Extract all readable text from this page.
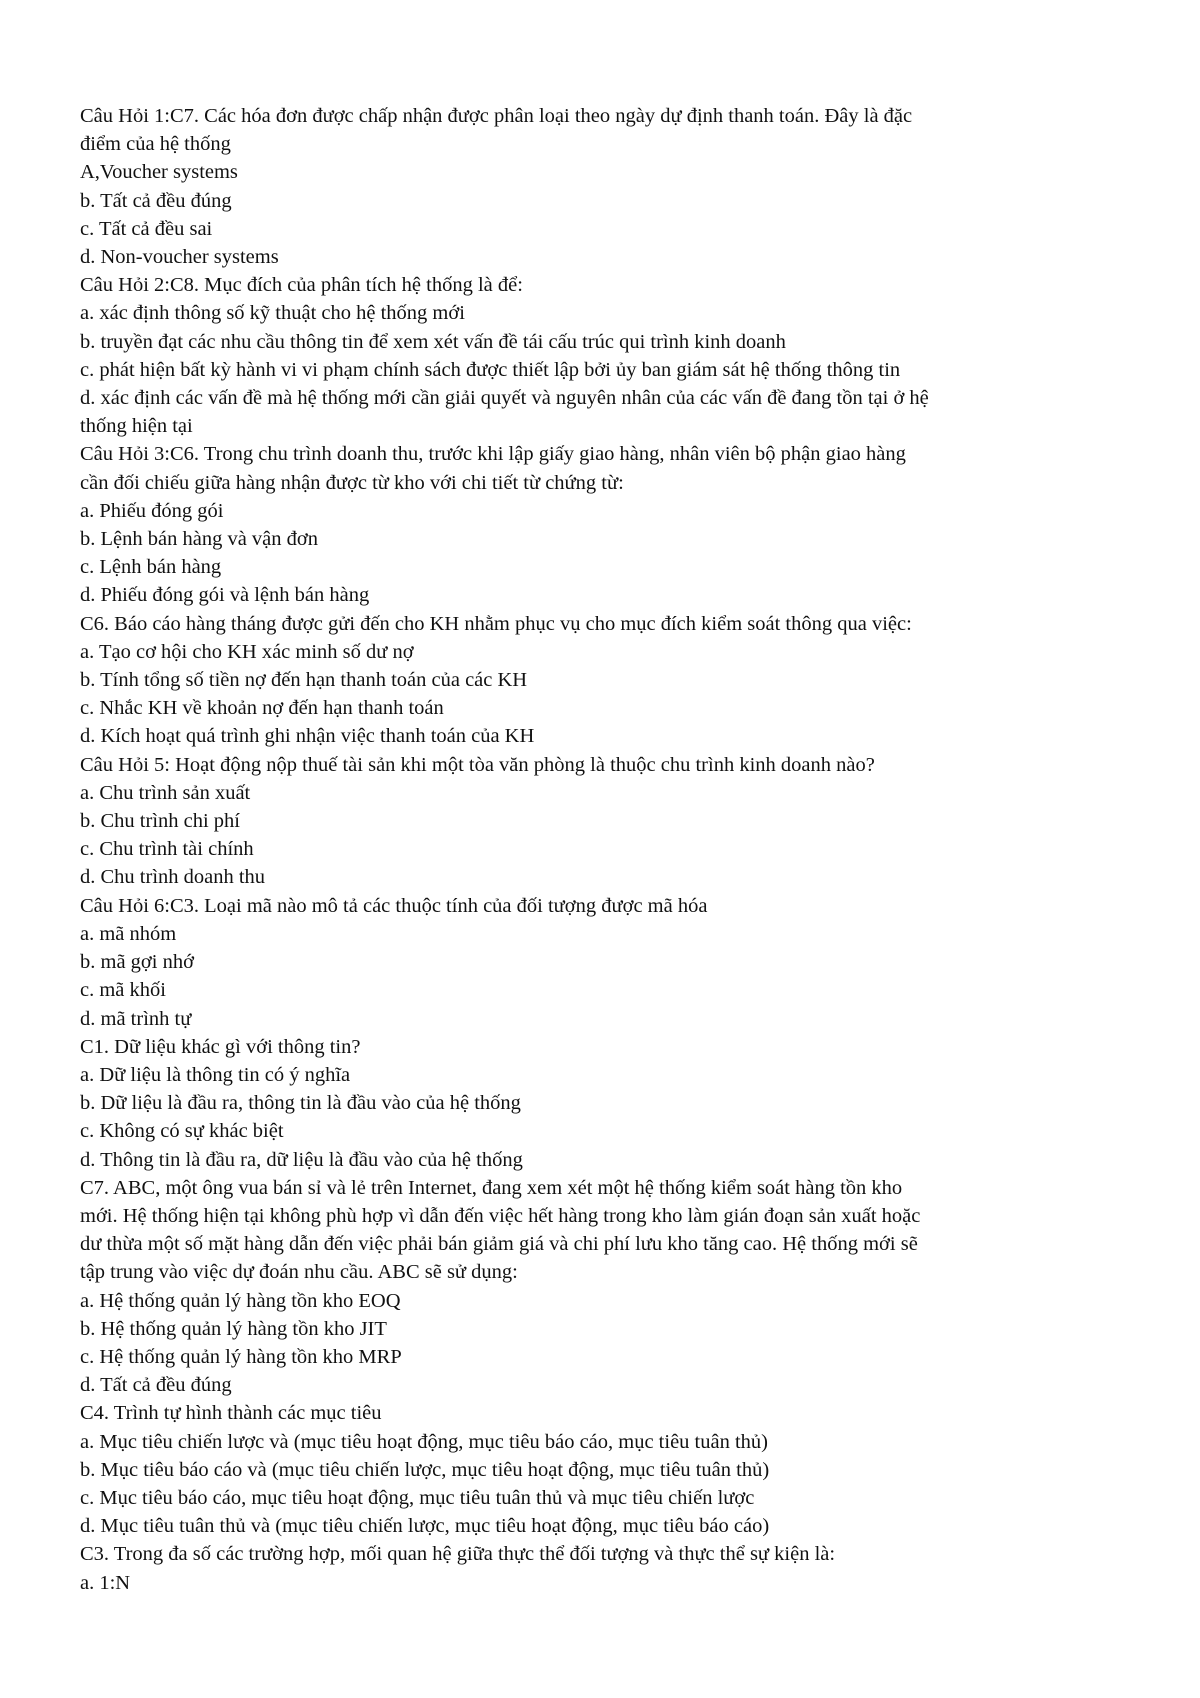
Câu Hỏi 1:C7. Các hóa đơn được chấp nhận được phân loại theo ngày dự định thanh toán. Đây là đặc
điểm của hệ thống
A,Voucher systems
b. Tất cả đều đúng
c. Tất cả đều sai
d. Non-voucher systems
Câu Hỏi 2:C8. Mục đích của phân tích hệ thống là để:
a. xác định thông số kỹ thuật cho hệ thống mới
b. truyền đạt các nhu cầu thông tin để xem xét vấn đề tái cấu trúc qui trình kinh doanh
c. phát hiện bất kỳ hành vi vi phạm chính sách được thiết lập bởi ủy ban giám sát hệ thống thông tin
d. xác định các vấn đề mà hệ thống mới cần giải quyết và nguyên nhân của các vấn đề đang tồn tại ở hệ
thống hiện tại
Câu Hỏi 3:C6. Trong chu trình doanh thu, trước khi lập giấy giao hàng, nhân viên bộ phận giao hàng
cần đối chiếu giữa hàng nhận được từ kho với chi tiết từ chứng từ:
a. Phiếu đóng gói
b. Lệnh bán hàng và vận đơn
c. Lệnh bán hàng
d. Phiếu đóng gói và lệnh bán hàng
C6. Báo cáo hàng tháng được gửi đến cho KH nhằm phục vụ cho mục đích kiểm soát thông qua việc:
a. Tạo cơ hội cho KH xác minh số dư nợ
b. Tính tổng số tiền nợ đến hạn thanh toán của các KH
c. Nhắc KH về khoản nợ đến hạn thanh toán
d. Kích hoạt quá trình ghi nhận việc thanh toán của KH
Câu Hỏi 5: Hoạt động nộp thuế tài sản khi một tòa văn phòng là thuộc chu trình kinh doanh nào?
a. Chu trình sản xuất
b. Chu trình chi phí
c. Chu trình tài chính
d. Chu trình doanh thu
Câu Hỏi 6:C3. Loại mã nào mô tả các thuộc tính của đối tượng được mã hóa
a. mã nhóm
b. mã gợi nhớ
c. mã khối
d. mã trình tự
C1. Dữ liệu khác gì với thông tin?
a. Dữ liệu là thông tin có ý nghĩa
b. Dữ liệu là đầu ra, thông tin là đầu vào của hệ thống
c. Không có sự khác biệt
d. Thông tin là đầu ra, dữ liệu là đầu vào của hệ thống
C7. ABC, một ông vua bán sỉ và lẻ trên Internet, đang xem xét một hệ thống kiểm soát hàng tồn kho
mới. Hệ thống hiện tại không phù hợp vì dẫn đến việc hết hàng trong kho làm gián đoạn sản xuất hoặc
dư thừa một số mặt hàng dẫn đến việc phải bán giảm giá và chi phí lưu kho tăng cao. Hệ thống mới sẽ
tập trung vào việc dự đoán nhu cầu. ABC sẽ sử dụng:
a. Hệ thống quản lý hàng tồn kho EOQ
b. Hệ thống quản lý hàng tồn kho JIT
c. Hệ thống quản lý hàng tồn kho MRP
d. Tất cả đều đúng
C4. Trình tự hình thành các mục tiêu
a. Mục tiêu chiến lược và (mục tiêu hoạt động, mục tiêu báo cáo, mục tiêu tuân thủ)
b. Mục tiêu báo cáo và (mục tiêu chiến lược, mục tiêu hoạt động, mục tiêu tuân thủ)
c. Mục tiêu báo cáo, mục tiêu hoạt động, mục tiêu tuân thủ và mục tiêu chiến lược
d. Mục tiêu tuân thủ và (mục tiêu chiến lược, mục tiêu hoạt động, mục tiêu báo cáo)
C3. Trong đa số các trường hợp, mối quan hệ giữa thực thể đối tượng và thực thể sự kiện là:
a. 1:N
